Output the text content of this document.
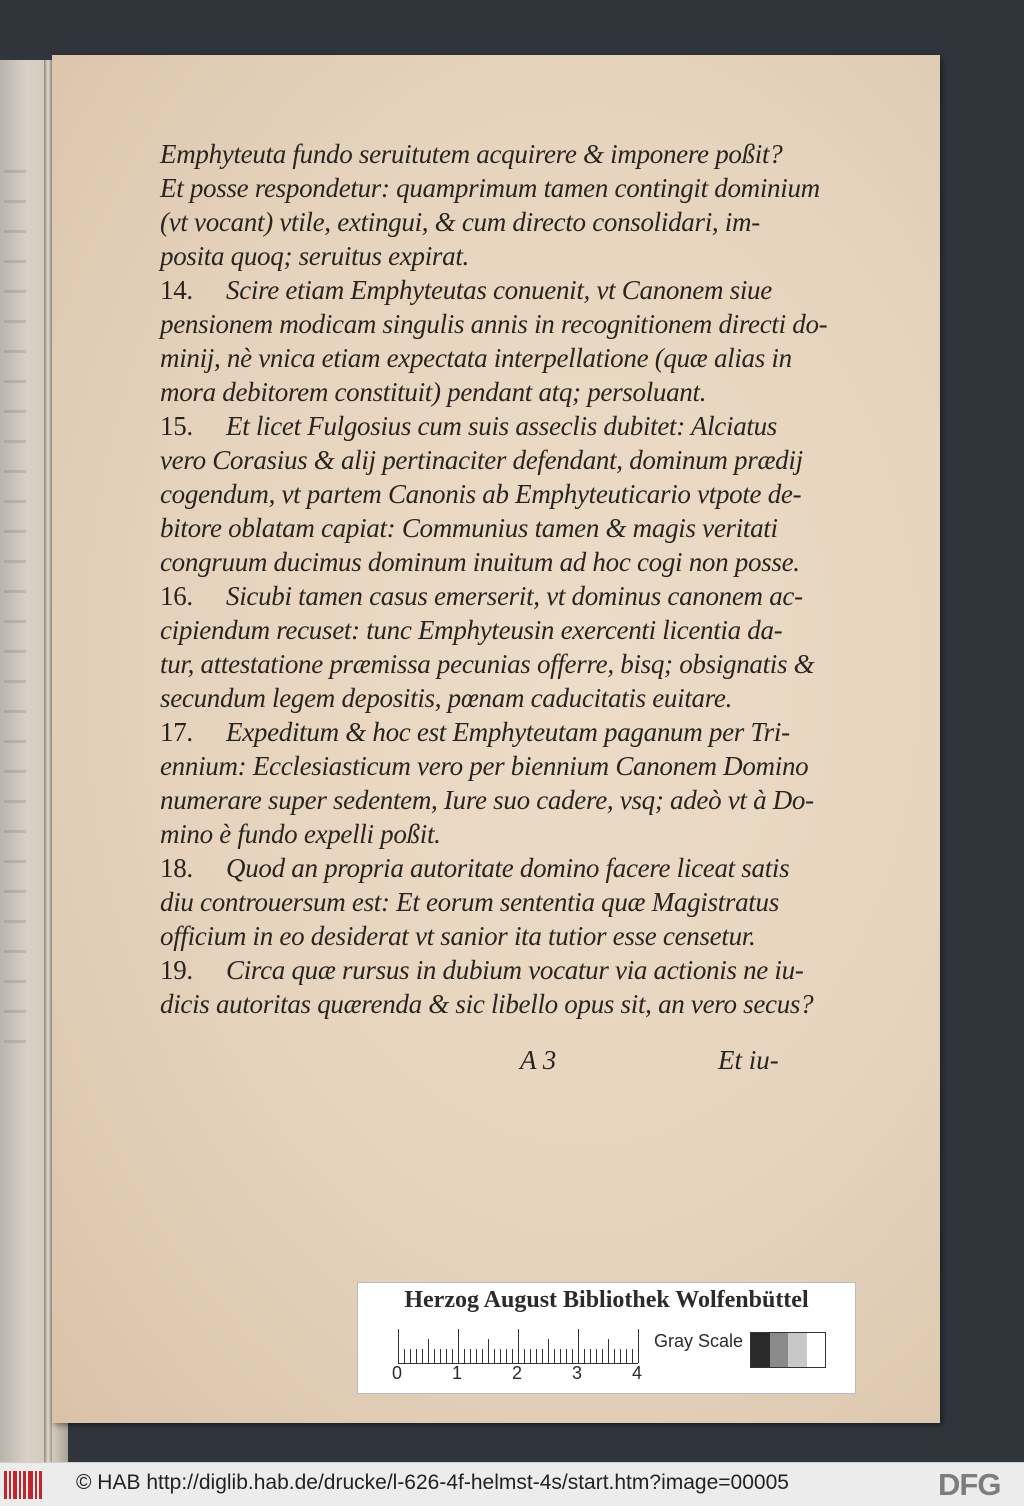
Emphyteuta fundo seruitutem acquirere & imponere poßit?
Et posse respondetur: quamprimum tamen contingit dominium
(vt vocant) vtile, extingui, & cum directo consolidari, im-
posita quoq; seruitus expirat.
14. Scire etiam Emphyteutas conuenit, vt Canonem siue
pensionem modicam singulis annis in recognitionem directi do-
minij, nè vnica etiam expectata interpellatione (quæ alias in
mora debitorem constituit) pendant atq; persoluant.
15. Et licet Fulgosius cum suis asseclis dubitet: Alciatus
vero Corasius & alij pertinaciter defendant, dominum prædij
cogendum, vt partem Canonis ab Emphyteuticario vtpote de-
bitore oblatam capiat: Communius tamen & magis veritati
congruum ducimus dominum inuitum ad hoc cogi non posse.
16. Sicubi tamen casus emerserit, vt dominus canonem ac-
cipiendum recuset: tunc Emphyteusin exercenti licentia da-
tur, attestatione præmissa pecunias offerre, bisq; obsignatis &
secundum legem depositis, pœnam caducitatis euitare.
17. Expeditum & hoc est Emphyteutam paganum per Tri-
ennium: Ecclesiasticum vero per biennium Canonem Domino
numerare super sedentem, Iure suo cadere, vsq; adeò vt à Do-
mino è fundo expelli poßit.
18. Quod an propria autoritate domino facere liceat satis
diu controuersum est: Et eorum sententia quæ Magistratus
officium in eo desiderat vt sanior ita tutior esse censetur.
19. Circa quæ rursus in dubium vocatur via actionis ne iu-
dicis autoritas quærenda & sic libello opus sit, an vero secus?
A 3	Et iu-
Herzog August Bibliothek Wolfenbüttel
0	1	2	3	4
Gray Scale
© HAB http://diglib.hab.de/drucke/l-626-4f-helmst-4s/start.htm?image=00005	DFG
